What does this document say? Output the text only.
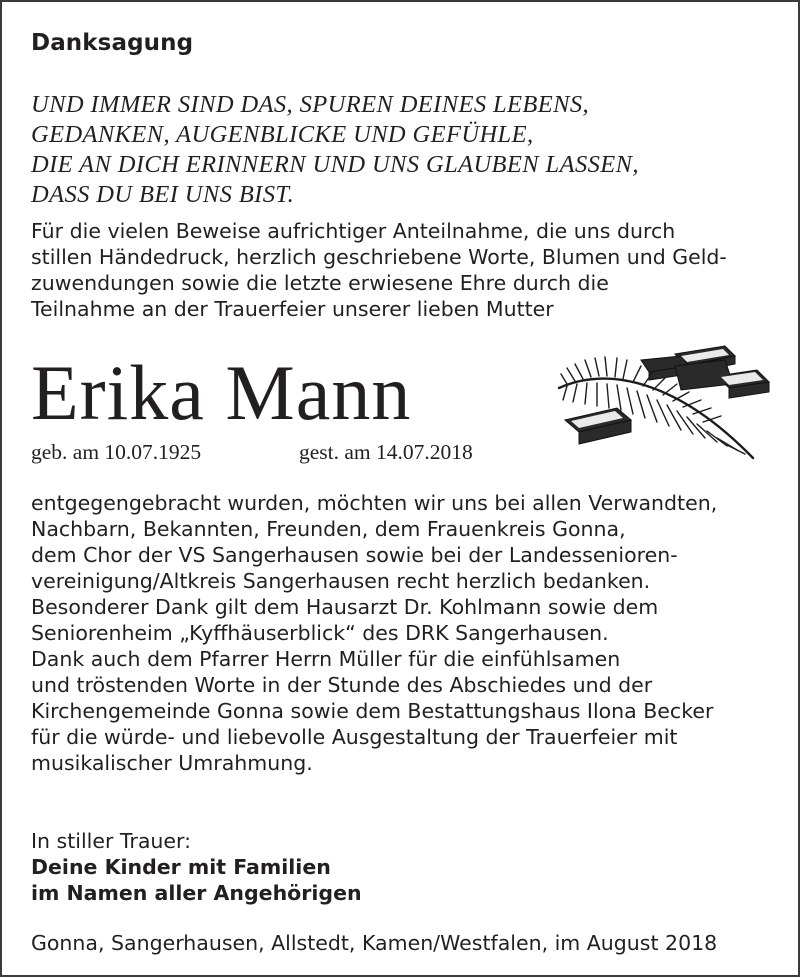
Danksagung
UND IMMER SIND DAS, SPUREN DEINES LEBENS,
GEDANKEN, AUGENBLICKE UND GEFÜHLE,
DIE AN DICH ERINNERN UND UNS GLAUBEN LASSEN,
DASS DU BEI UNS BIST.
Für die vielen Beweise aufrichtiger Anteilnahme, die uns durch
stillen Händedruck, herzlich geschriebene Worte, Blumen und Geld-
zuwendungen sowie die letzte erwiesene Ehre durch die
Teilnahme an der Trauerfeier unserer lieben Mutter
Erika Mann
geb. am 10.07.1925	gest. am 14.07.2018
entgegengebracht wurden, möchten wir uns bei allen Verwandten,
Nachbarn, Bekannten, Freunden, dem Frauenkreis Gonna,
dem Chor der VS Sangerhausen sowie bei der Landessenioren-
vereinigung/Altkreis Sangerhausen recht herzlich bedanken.
Besonderer Dank gilt dem Hausarzt Dr. Kohlmann sowie dem
Seniorenheim „Kyffhäuserblick“ des DRK Sangerhausen.
Dank auch dem Pfarrer Herrn Müller für die einfühlsamen
und tröstenden Worte in der Stunde des Abschiedes und der
Kirchengemeinde Gonna sowie dem Bestattungshaus Ilona Becker
für die würde- und liebevolle Ausgestaltung der Trauerfeier mit
musikalischer Umrahmung.
In stiller Trauer:
Deine Kinder mit Familien
im Namen aller Angehörigen
Gonna, Sangerhausen, Allstedt, Kamen/Westfalen, im August 2018
